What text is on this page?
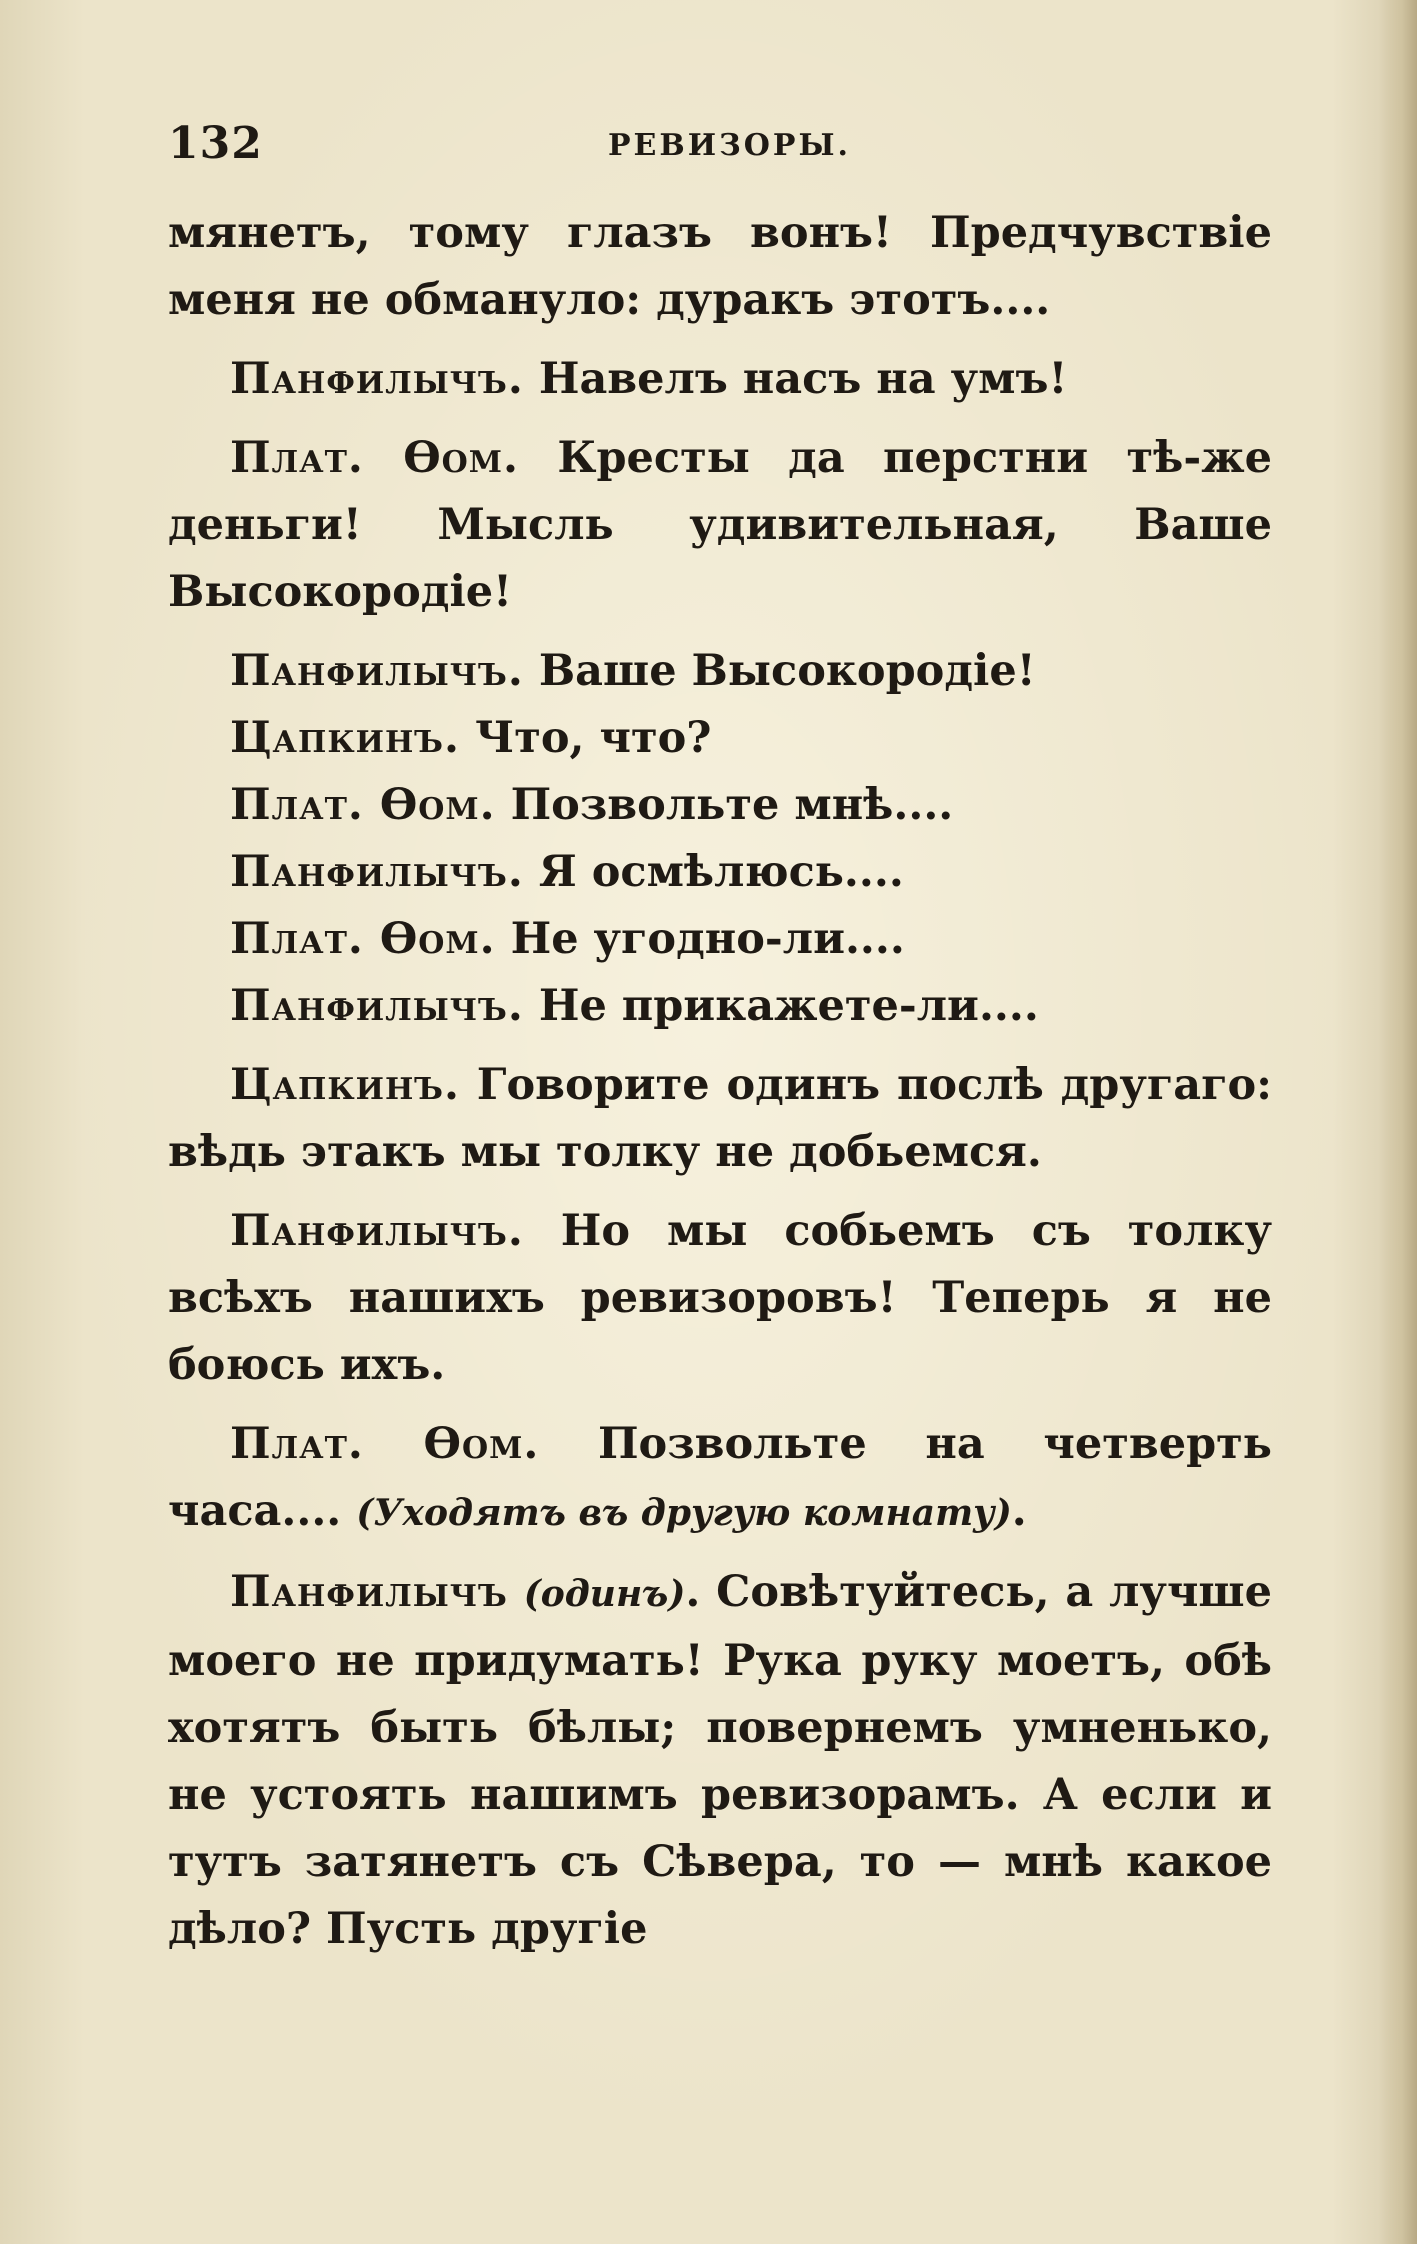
132	РЕВИЗОРЫ.

мянетъ, тому глазъ вонъ! Предчувствіе меня не обмануло: дуракъ этотъ....

Панфилычъ. Навелъ насъ на умъ!

Плат. Ѳом. Кресты да перстни тѣ-же деньги! Мысль удивительная, Ваше Высокородіе!

Панфилычъ. Ваше Высокородіе!

Цапкинъ. Что, что?

Плат. Ѳом. Позвольте мнѣ....

Панфилычъ. Я осмѣлюсь....

Плат. Ѳом. Не угодно-ли....

Панфилычъ. Не прикажете-ли....

Цапкинъ. Говорите одинъ послѣ другаго: вѣдь этакъ мы толку не добьемся.

Панфилычъ. Но мы собьемъ съ толку всѣхъ нашихъ ревизоровъ! Теперь я не боюсь ихъ.

Плат. Ѳом. Позвольте на четверть часа.... (Уходятъ въ другую комнату).

Панфилычъ (одинъ). Совѣтуйтесь, а лучше моего не придумать! Рука руку моетъ, обѣ хотятъ быть бѣлы; повернемъ умненько, не устоять нашимъ ревизорамъ. А если и тутъ затянетъ съ Сѣвера, то — мнѣ какое дѣло? Пусть другіе
